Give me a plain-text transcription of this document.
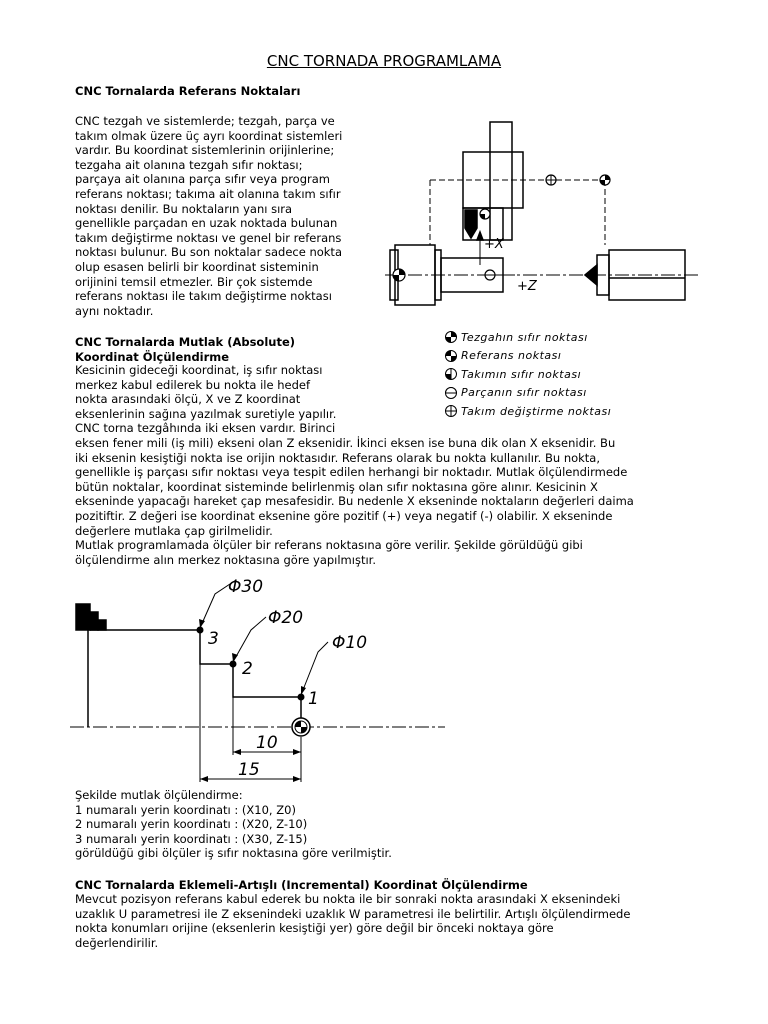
CNC TORNADA PROGRAMLAMA
CNC Tornalarda Referans Noktaları
CNC tezgah ve sistemlerde; tezgah, parça ve
takım olmak üzere üç ayrı koordinat sistemleri
vardır. Bu koordinat sistemlerinin orijinlerine;
tezgaha ait olanına tezgah sıfır noktası;
parçaya ait olanına parça sıfır veya program
referans noktası; takıma ait olanına takım sıfır
noktası denilir. Bu noktaların yanı sıra
genellikle parçadan en uzak noktada bulunan
takım değiştirme noktası ve genel bir referans
noktası bulunur. Bu son noktalar sadece nokta
olup esasen belirli bir koordinat sisteminin
orijinini temsil etmezler. Bir çok sistemde
referans noktası ile takım değiştirme noktası
aynı noktadır.
+X
+Z
Tezgahın sıfır noktası
Referans noktası
Takımın sıfır noktası
Parçanın sıfır noktası
Takım değiştirme noktası
CNC Tornalarda Mutlak (Absolute)
Koordinat Ölçülendirme
Kesicinin gideceği koordinat, iş sıfır noktası
merkez kabul edilerek bu nokta ile hedef
nokta arasındaki ölçü, X ve Z koordinat
eksenlerinin sağına yazılmak suretiyle yapılır.
CNC torna tezgâhında iki eksen vardır. Birinci
eksen fener mili (iş mili) ekseni olan Z eksenidir. İkinci eksen ise buna dik olan X eksenidir. Bu
iki eksenin kesiştiği nokta ise orijin noktasıdır. Referans olarak bu nokta kullanılır. Bu nokta,
genellikle iş parçası sıfır noktası veya tespit edilen herhangi bir noktadır. Mutlak ölçülendirmede
bütün noktalar, koordinat sisteminde belirlenmiş olan sıfır noktasına göre alınır. Kesicinin X
ekseninde yapacağı hareket çap mesafesidir. Bu nedenle X ekseninde noktaların değerleri daima
pozitiftir. Z değeri ise koordinat eksenine göre pozitif (+) veya negatif (-) olabilir. X ekseninde
değerlere mutlaka çap girilmelidir.
Mutlak programlamada ölçüler bir referans noktasına göre verilir. Şekilde görüldüğü gibi
ölçülendirme alın merkez noktasına göre yapılmıştır.
Φ30
Φ20
Φ10
3
2
1
10
15
Şekilde mutlak ölçülendirme:
1 numaralı yerin koordinatı : (X10, Z0)
2 numaralı yerin koordinatı : (X20, Z-10)
3 numaralı yerin koordinatı : (X30, Z-15)
görüldüğü gibi ölçüler iş sıfır noktasına göre verilmiştir.
CNC Tornalarda Eklemeli-Artışlı (Incremental) Koordinat Ölçülendirme
Mevcut pozisyon referans kabul ederek bu nokta ile bir sonraki nokta arasındaki X eksenindeki
uzaklık U parametresi ile Z eksenindeki uzaklık W parametresi ile belirtilir. Artışlı ölçülendirmede
nokta konumları orijine (eksenlerin kesiştiği yer) göre değil bir önceki noktaya göre
değerlendirilir.
